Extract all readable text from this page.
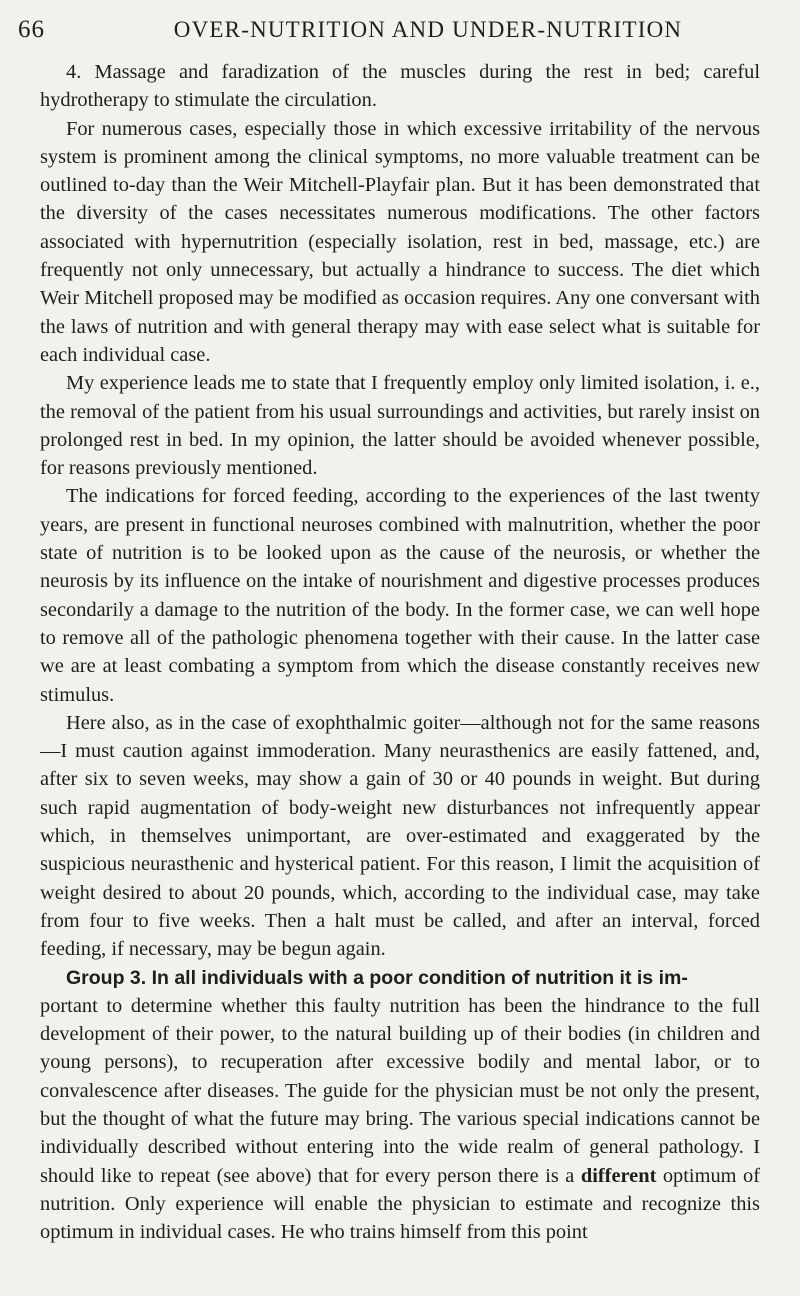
66	OVER-NUTRITION AND UNDER-NUTRITION

4. Massage and faradization of the muscles during the rest in bed; careful hydrotherapy to stimulate the circulation.

For numerous cases, especially those in which excessive irritability of the nervous system is prominent among the clinical symptoms, no more valuable treatment can be outlined to-day than the Weir Mitchell-Playfair plan. But it has been demonstrated that the diversity of the cases necessitates numerous modifications. The other factors associated with hypernutrition (especially isolation, rest in bed, massage, etc.) are frequently not only unnecessary, but actually a hindrance to success. The diet which Weir Mitchell proposed may be modified as occasion requires. Any one conversant with the laws of nutrition and with general therapy may with ease select what is suitable for each individual case.

My experience leads me to state that I frequently employ only limited isolation, i. e., the removal of the patient from his usual surroundings and activities, but rarely insist on prolonged rest in bed. In my opinion, the latter should be avoided whenever possible, for reasons previously mentioned.

The indications for forced feeding, according to the experiences of the last twenty years, are present in functional neuroses combined with malnutrition, whether the poor state of nutrition is to be looked upon as the cause of the neurosis, or whether the neurosis by its influence on the intake of nourishment and digestive processes produces secondarily a damage to the nutrition of the body. In the former case, we can well hope to remove all of the pathologic phenomena together with their cause. In the latter case we are at least combating a symptom from which the disease constantly receives new stimulus.

Here also, as in the case of exophthalmic goiter—although not for the same reasons—I must caution against immoderation. Many neurasthenics are easily fattened, and, after six to seven weeks, may show a gain of 30 or 40 pounds in weight. But during such rapid augmentation of body-weight new disturbances not infrequently appear which, in themselves unimportant, are over-estimated and exaggerated by the suspicious neurasthenic and hysterical patient. For this reason, I limit the acquisition of weight desired to about 20 pounds, which, according to the individual case, may take from four to five weeks. Then a halt must be called, and after an interval, forced feeding, if necessary, may be begun again.

Group 3. In all individuals with a poor condition of nutrition it is im-
portant to determine whether this faulty nutrition has been the hindrance to the full development of their power, to the natural building up of their bodies (in children and young persons), to recuperation after excessive bodily and mental labor, or to convalescence after diseases. The guide for the physician must be not only the present, but the thought of what the future may bring. The various special indications cannot be individually described without entering into the wide realm of general pathology. I should like to repeat (see above) that for every person there is a different optimum of nutrition. Only experience will enable the physician to estimate and recognize this optimum in individual cases. He who trains himself from this point
